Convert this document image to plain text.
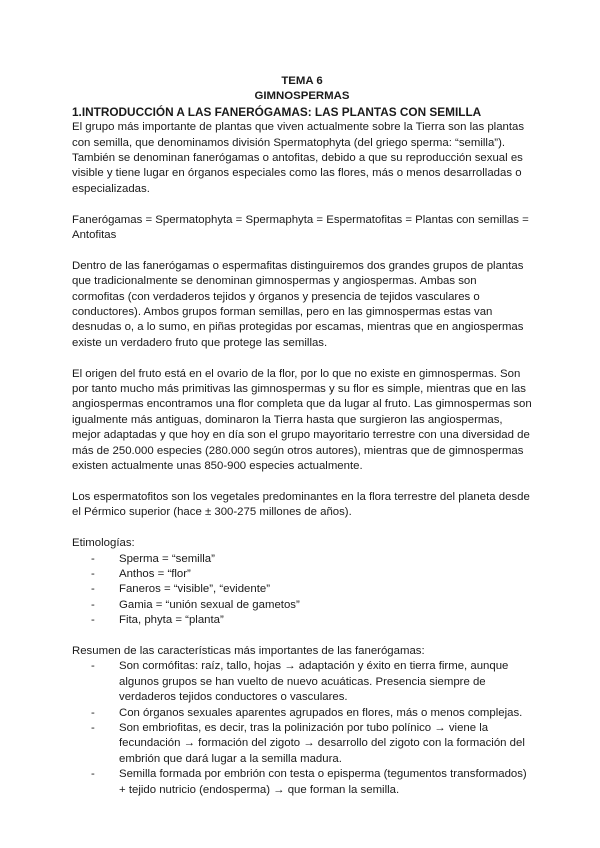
TEMA 6
GIMNOSPERMAS
1.INTRODUCCIÓN A LAS FANERÓGAMAS: LAS PLANTAS CON SEMILLA

El grupo más importante de plantas que viven actualmente sobre la Tierra son las plantas con semilla, que denominamos división Spermatophyta (del griego sperma: “semilla”). También se denominan fanerógamas o antofitas, debido a que su reproducción sexual es visible y tiene lugar en órganos especiales como las flores, más o menos desarrolladas o especializadas.

Fanerógamas = Spermatophyta = Spermaphyta = Espermatofitas = Plantas con semillas = Antofitas

Dentro de las fanerógamas o espermafitas distinguiremos dos grandes grupos de plantas que tradicionalmente se denominan gimnospermas y angiospermas. Ambas son cormofitas (con verdaderos tejidos y órganos y presencia de tejidos vasculares o conductores). Ambos grupos forman semillas, pero en las gimnospermas estas van desnudas o, a lo sumo, en piñas protegidas por escamas, mientras que en angiospermas existe un verdadero fruto que protege las semillas.

El origen del fruto está en el ovario de la flor, por lo que no existe en gimnospermas. Son por tanto mucho más primitivas las gimnospermas y su flor es simple, mientras que en las angiospermas encontramos una flor completa que da lugar al fruto. Las gimnospermas son igualmente más antiguas, dominaron la Tierra hasta que surgieron las angiospermas, mejor adaptadas y que hoy en día son el grupo mayoritario terrestre con una diversidad de más de 250.000 especies (280.000 según otros autores), mientras que de gimnospermas existen actualmente unas 850-900 especies actualmente.

Los espermatofitos son los vegetales predominantes en la flora terrestre del planeta desde el Pérmico superior (hace ± 300-275 millones de años).

Etimologías:
- Sperma = “semilla”
- Anthos = “flor”
- Faneros = “visible”, “evidente”
- Gamia = “unión sexual de gametos”
- Fita, phyta = “planta”
Resumen de las características más importantes de las fanerógamas:
- Son cormófitas: raíz, tallo, hojas → adaptación y éxito en tierra firme, aunque algunos grupos se han vuelto de nuevo acuáticas. Presencia siempre de verdaderos tejidos conductores o vasculares.
- Con órganos sexuales aparentes agrupados en flores, más o menos complejas.
- Son embriofitas, es decir, tras la polinización por tubo polínico → viene la fecundación → formación del zigoto → desarrollo del zigoto con la formación del embrión que dará lugar a la semilla madura.
- Semilla formada por embrión con testa o episperma (tegumentos transformados) + tejido nutricio (endosperma) → que forman la semilla.
